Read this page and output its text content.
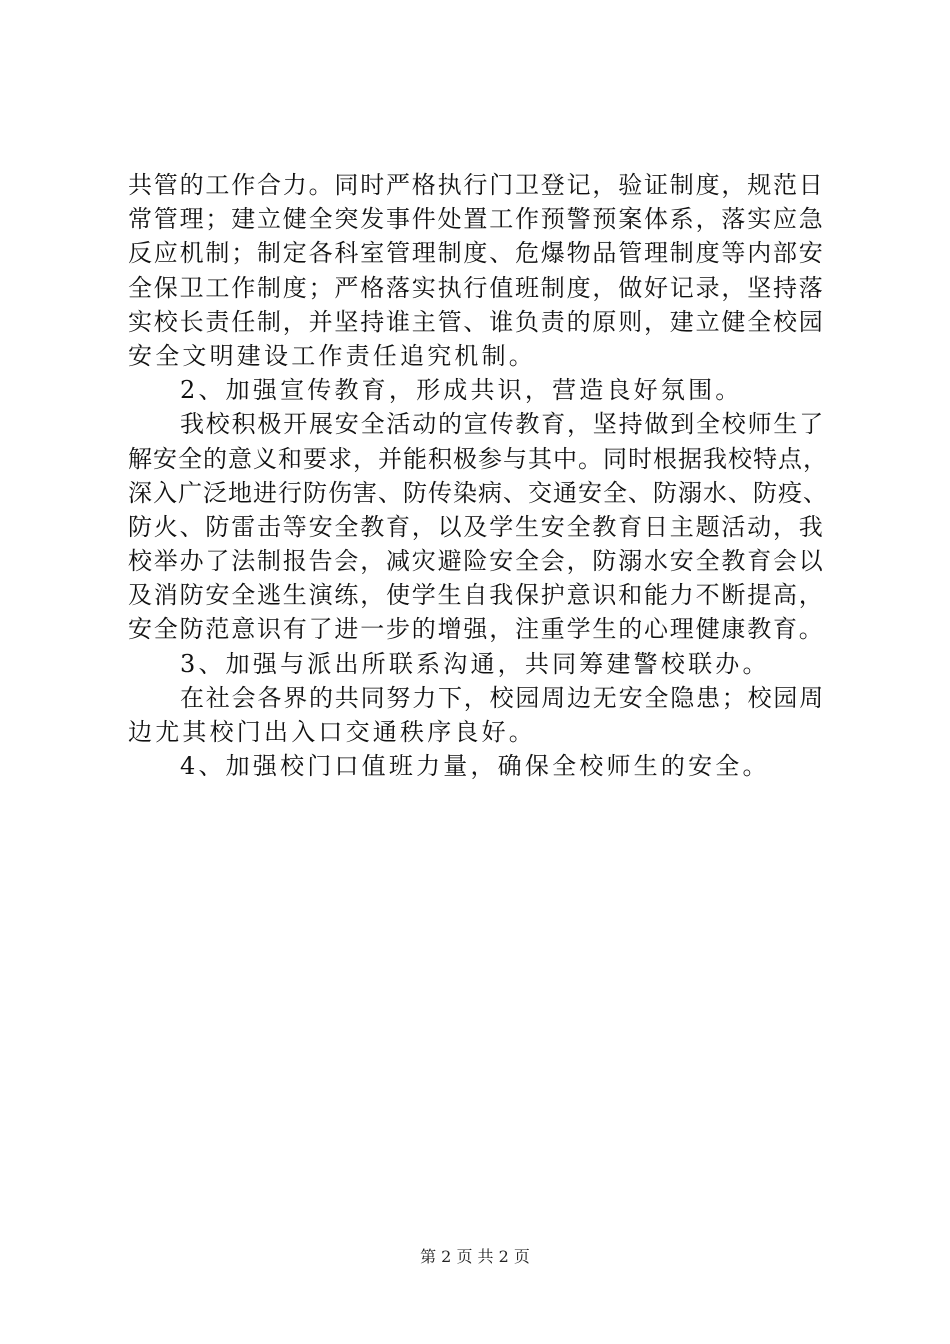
共管的工作合力。同时严格执行门卫登记，验证制度，规范日

常管理；建立健全突发事件处置工作预警预案体系，落实应急

反应机制；制定各科室管理制度、危爆物品管理制度等内部安

全保卫工作制度；严格落实执行值班制度，做好记录，坚持落

实校长责任制，并坚持谁主管、谁负责的原则，建立健全校园

安全文明建设工作责任追究机制。

2、加强宣传教育，形成共识，营造良好氛围。

我校积极开展安全活动的宣传教育，坚持做到全校师生了

解安全的意义和要求，并能积极参与其中。同时根据我校特点，

深入广泛地进行防伤害、防传染病、交通安全、防溺水、防疫、

防火、防雷击等安全教育，以及学生安全教育日主题活动，我

校举办了法制报告会，减灾避险安全会，防溺水安全教育会以

及消防安全逃生演练，使学生自我保护意识和能力不断提高，

安全防范意识有了进一步的增强，注重学生的心理健康教育。

3、加强与派出所联系沟通，共同筹建警校联办。

在社会各界的共同努力下，校园周边无安全隐患；校园周

边尤其校门出入口交通秩序良好。

4、加强校门口值班力量，确保全校师生的安全。

第 2 页 共 2 页
